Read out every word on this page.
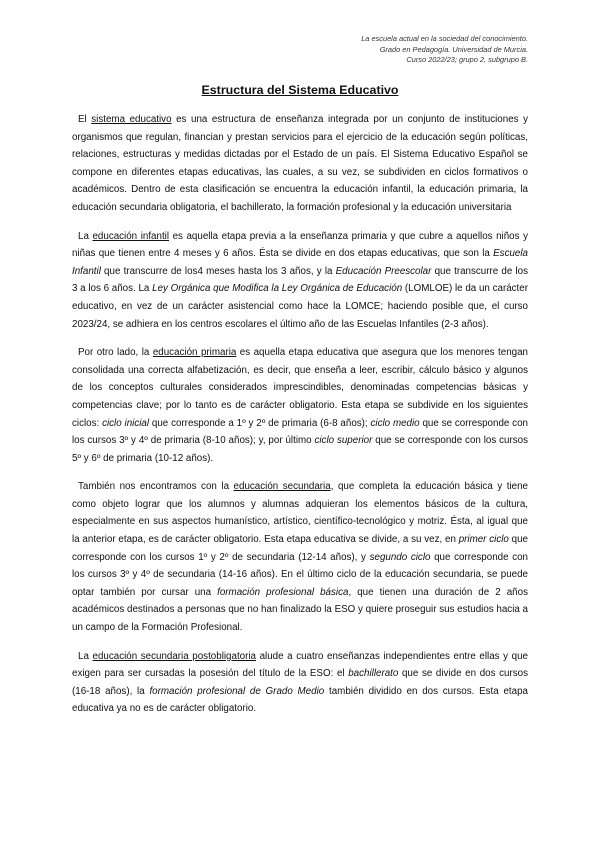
La escuela actual en la sociedad del conocimiento.
Grado en Pedagogía. Universidad de Murcia.
Curso 2022/23; grupo 2, subgrupo B.
Estructura del Sistema Educativo

El sistema educativo es una estructura de enseñanza integrada por un conjunto de instituciones y organismos que regulan, financian y prestan servicios para el ejercicio de la educación según políticas, relaciones, estructuras y medidas dictadas por el Estado de un país. El Sistema Educativo Español se compone en diferentes etapas educativas, las cuales, a su vez, se subdividen en ciclos formativos o académicos. Dentro de esta clasificación se encuentra la educación infantil, la educación primaria, la educación secundaria obligatoria, el bachillerato, la formación profesional y la educación universitaria

La educación infantil es aquella etapa previa a la enseñanza primaria y que cubre a aquellos niños y niñas que tienen entre 4 meses y 6 años. Ésta se divide en dos etapas educativas, que son la Escuela Infantil que transcurre de los4 meses hasta los 3 años, y la Educación Preescolar que transcurre de los 3 a los 6 años. La Ley Orgánica que Modifica la Ley Orgánica de Educación (LOMLOE) le da un carácter educativo, en vez de un carácter asistencial como hace la LOMCE; haciendo posible que, el curso 2023/24, se adhiera en los centros escolares el último año de las Escuelas Infantiles (2-3 años).

Por otro lado, la educación primaria es aquella etapa educativa que asegura que los menores tengan consolidada una correcta alfabetización, es decir, que enseña a leer, escribir, cálculo básico y algunos de los conceptos culturales considerados imprescindibles, denominadas competencias básicas y competencias clave; por lo tanto es de carácter obligatorio. Esta etapa se subdivide en los siguientes ciclos: ciclo inicial que corresponde a 1º y 2º de primaria (6-8 años); ciclo medio que se corresponde con los cursos 3º y 4º de primaria (8-10 años); y, por último ciclo superior que se corresponde con los cursos 5º y 6º de primaria (10-12 años).

También nos encontramos con la educación secundaria, que completa la educación básica y tiene como objeto lograr que los alumnos y alumnas adquieran los elementos básicos de la cultura, especialmente en sus aspectos humanístico, artístico, científico-tecnológico y motriz. Ésta, al igual que la anterior etapa, es de carácter obligatorio. Esta etapa educativa se divide, a su vez, en primer ciclo que corresponde con los cursos 1º y 2º de secundaria (12-14 años), y segundo ciclo que corresponde con los cursos 3º y 4º de secundaria (14-16 años). En el último ciclo de la educación secundaria, se puede optar también por cursar una formación profesional básica, que tienen una duración de 2 años académicos destinados a personas que no han finalizado la ESO y quiere proseguir sus estudios hacia a un campo de la Formación Profesional.

La educación secundaria postobligatoria alude a cuatro enseñanzas independientes entre ellas y que exigen para ser cursadas la posesión del título de la ESO: el bachillerato que se divide en dos cursos (16-18 años), la formación profesional de Grado Medio también dividido en dos cursos. Esta etapa educativa ya no es de carácter obligatorio.
